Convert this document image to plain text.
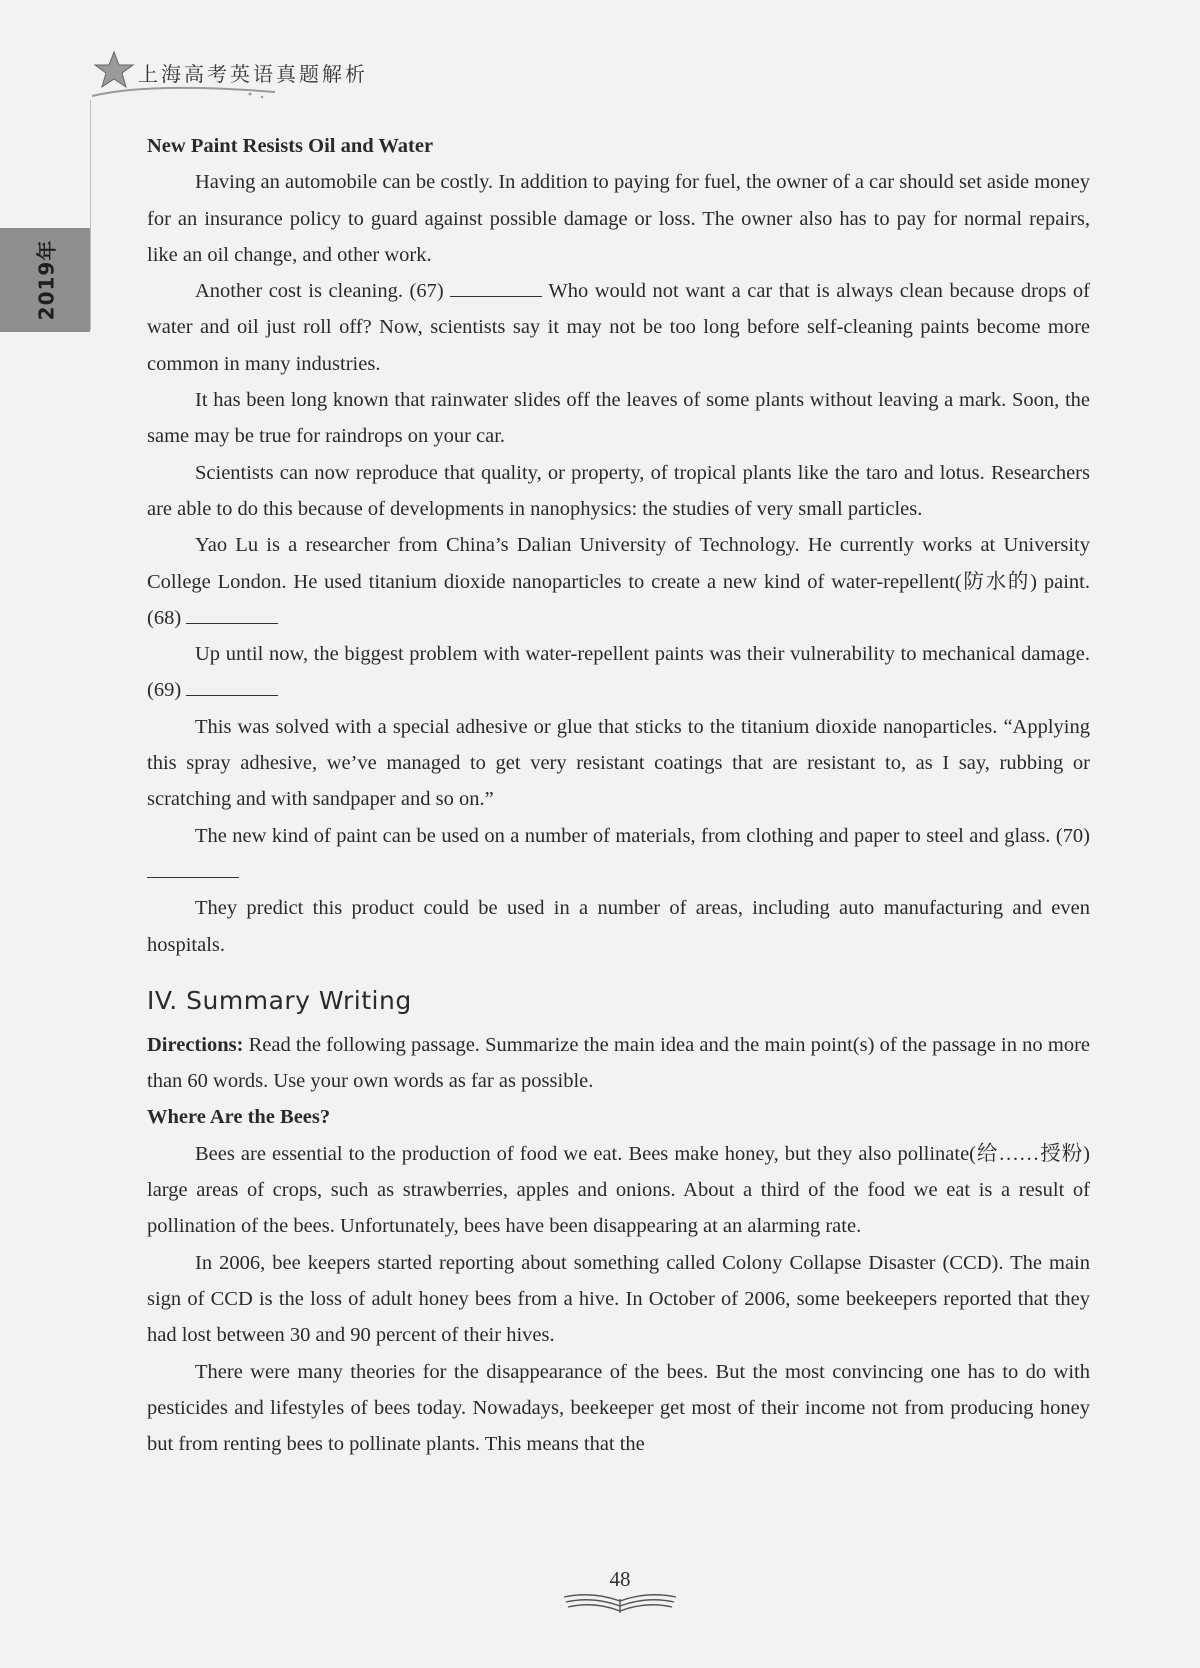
上海高考英语真题解析
2019年

New Paint Resists Oil and Water

Having an automobile can be costly. In addition to paying for fuel, the owner of a car should set aside money for an insurance policy to guard against possible damage or loss. The owner also has to pay for normal repairs, like an oil change, and other work.

Another cost is cleaning. (67)	Who would not want a car that is always clean because drops of water and oil just roll off? Now, scientists say it may not be too long before self-cleaning paints become more common in many industries.

It has been long known that rainwater slides off the leaves of some plants without leaving a mark. Soon, the same may be true for raindrops on your car.

Scientists can now reproduce that quality, or property, of tropical plants like the taro and lotus. Researchers are able to do this because of developments in nanophysics: the studies of very small particles.

Yao Lu is a researcher from China’s Dalian University of Technology. He currently works at University College London. He used titanium dioxide nanoparticles to create a new kind of water-repellent(防水的) paint. (68)

Up until now, the biggest problem with water-repellent paints was their vulnerability to mechanical damage. (69)

This was solved with a special adhesive or glue that sticks to the titanium dioxide nanoparticles. “Applying this spray adhesive, we’ve managed to get very resistant coatings that are resistant to, as I say, rubbing or scratching and with sandpaper and so on.”

The new kind of paint can be used on a number of materials, from clothing and paper to steel and glass. (70)

They predict this product could be used in a number of areas, including auto manufacturing and even hospitals.

IV. Summary Writing

Directions: Read the following passage. Summarize the main idea and the main point(s) of the passage in no more than 60 words. Use your own words as far as possible.

Where Are the Bees?

Bees are essential to the production of food we eat. Bees make honey, but they also pollinate(给……授粉) large areas of crops, such as strawberries, apples and onions. About a third of the food we eat is a result of pollination of the bees. Unfortunately, bees have been disappearing at an alarming rate.

In 2006, bee keepers started reporting about something called Colony Collapse Disaster (CCD). The main sign of CCD is the loss of adult honey bees from a hive. In October of 2006, some beekeepers reported that they had lost between 30 and 90 percent of their hives.

There were many theories for the disappearance of the bees. But the most convincing one has to do with pesticides and lifestyles of bees today. Nowadays, beekeeper get most of their income not from producing honey but from renting bees to pollinate plants. This means that the

48
